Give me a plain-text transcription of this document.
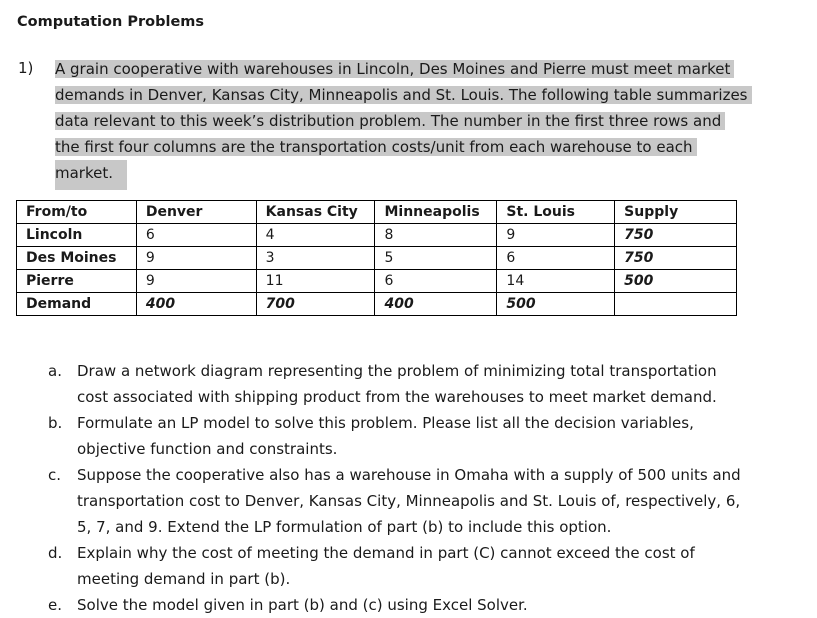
Computation Problems
1) A grain cooperative with warehouses in Lincoln, Des Moines and Pierre must meet market
demands in Denver, Kansas City, Minneapolis and St. Louis. The following table summarizes
data relevant to this week’s distribution problem. The number in the first three rows and
the first four columns are the transportation costs/unit from each warehouse to each
market.
From/to	Denver	Kansas City	Minneapolis	St. Louis	Supply
Lincoln	6	4	8	9	750
Des Moines	9	3	5	6	750
Pierre	9	11	6	14	500
Demand	400	700	400	500	
a. Draw a network diagram representing the problem of minimizing total transportation
cost associated with shipping product from the warehouses to meet market demand.
b. Formulate an LP model to solve this problem. Please list all the decision variables,
objective function and constraints.
c. Suppose the cooperative also has a warehouse in Omaha with a supply of 500 units and
transportation cost to Denver, Kansas City, Minneapolis and St. Louis of, respectively, 6,
5, 7, and 9. Extend the LP formulation of part (b) to include this option.
d. Explain why the cost of meeting the demand in part (C) cannot exceed the cost of
meeting demand in part (b).
e. Solve the model given in part (b) and (c) using Excel Solver.
